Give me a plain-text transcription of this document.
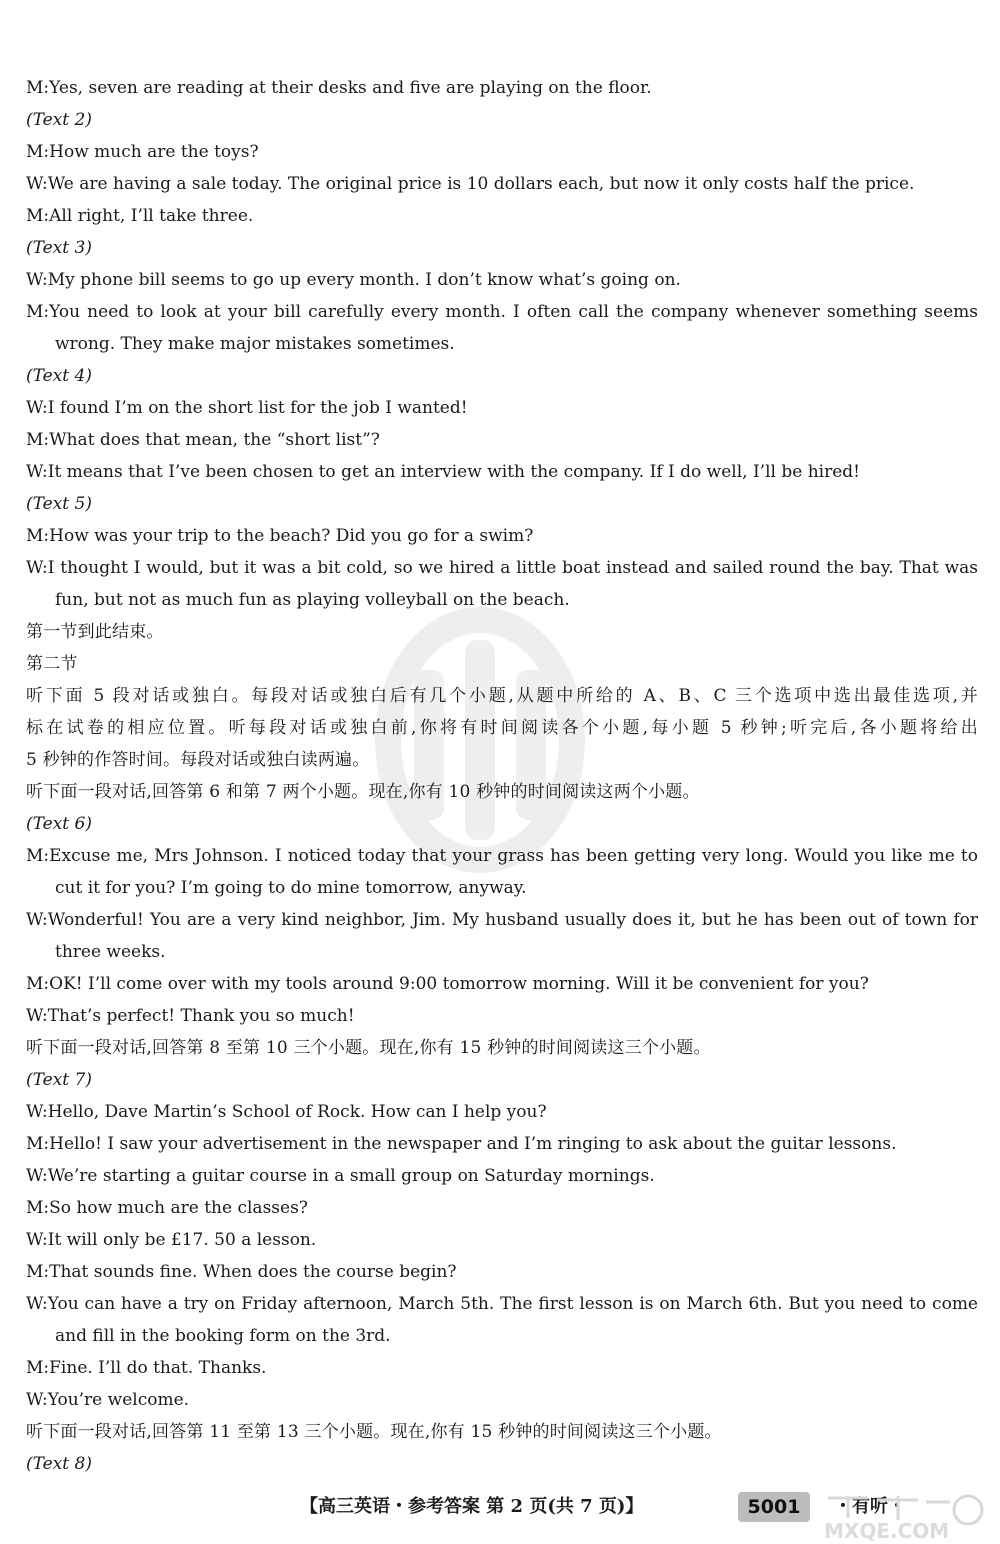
M:Yes, seven are reading at their desks and five are playing on the floor.
(Text 2)
M:How much are the toys?
W:We are having a sale today. The original price is 10 dollars each, but now it only costs half the price.
M:All right, I’ll take three.
(Text 3)
W:My phone bill seems to go up every month. I don’t know what’s going on.
M:You need to look at your bill carefully every month. I often call the company whenever something seems
wrong. They make major mistakes sometimes.
(Text 4)
W:I found I’m on the short list for the job I wanted!
M:What does that mean, the “short list”?
W:It means that I’ve been chosen to get an interview with the company. If I do well, I’ll be hired!
(Text 5)
M:How was your trip to the beach? Did you go for a swim?
W:I thought I would, but it was a bit cold, so we hired a little boat instead and sailed round the bay. That was
fun, but not as much fun as playing volleyball on the beach.
第一节到此结束。
第二节
听下面 5 段对话或独白。每段对话或独白后有几个小题,从题中所给的 A、B、C 三个选项中选出最佳选项,并
标在试卷的相应位置。听每段对话或独白前,你将有时间阅读各个小题,每小题 5 秒钟;听完后,各小题将给出
5 秒钟的作答时间。每段对话或独白读两遍。
听下面一段对话,回答第 6 和第 7 两个小题。现在,你有 10 秒钟的时间阅读这两个小题。
(Text 6)
M:Excuse me, Mrs Johnson. I noticed today that your grass has been getting very long. Would you like me to
cut it for you? I’m going to do mine tomorrow, anyway.
W:Wonderful! You are a very kind neighbor, Jim. My husband usually does it, but he has been out of town for
three weeks.
M:OK! I’ll come over with my tools around 9:00 tomorrow morning. Will it be convenient for you?
W:That’s perfect! Thank you so much!
听下面一段对话,回答第 8 至第 10 三个小题。现在,你有 15 秒钟的时间阅读这三个小题。
(Text 7)
W:Hello, Dave Martin’s School of Rock. How can I help you?
M:Hello! I saw your advertisement in the newspaper and I’m ringing to ask about the guitar lessons.
W:We’re starting a guitar course in a small group on Saturday mornings.
M:So how much are the classes?
W:It will only be £17. 50 a lesson.
M:That sounds fine. When does the course begin?
W:You can have a try on Friday afternoon, March 5th. The first lesson is on March 6th. But you need to come
and fill in the booking form on the 3rd.
M:Fine. I’ll do that. Thanks.
W:You’re welcome.
听下面一段对话,回答第 11 至第 13 三个小题。现在,你有 15 秒钟的时间阅读这三个小题。
(Text 8)
【高三英语・参考答案 第 2 页(共 7 页)】	5001	・有听・
MXQE.COM
